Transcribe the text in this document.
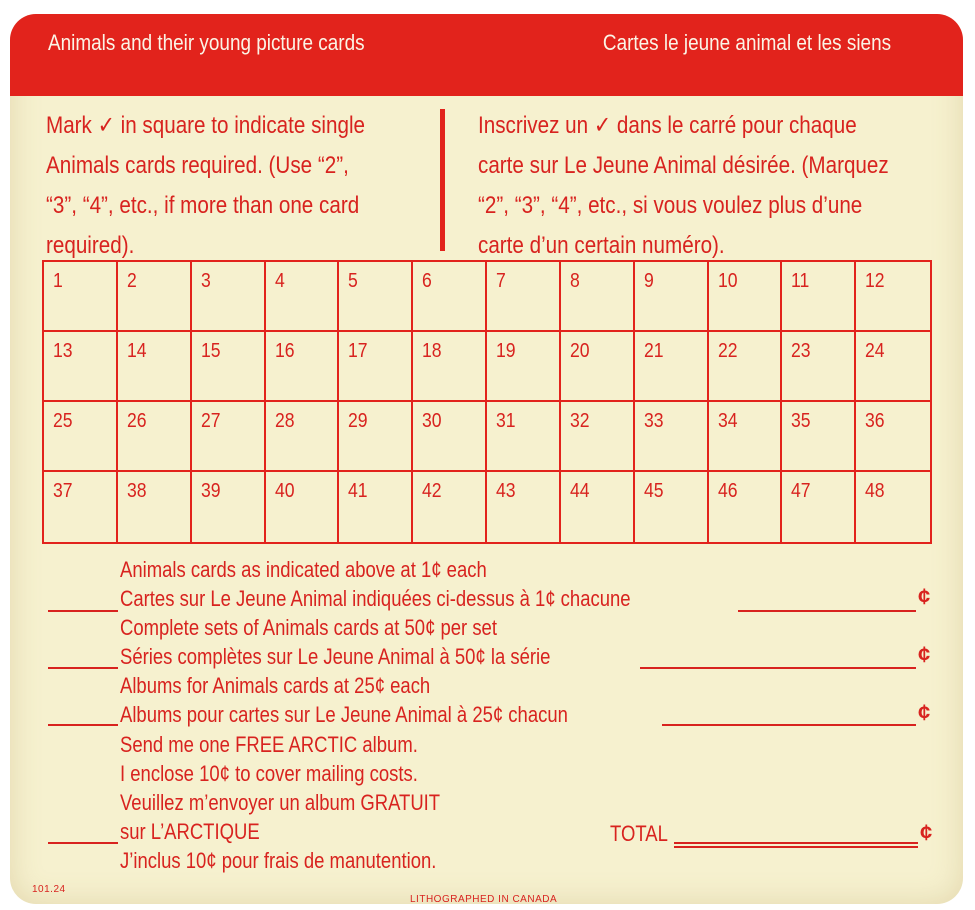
Animals and their young picture cards	Cartes le jeune animal et les siens
Mark ✓ in square to indicate single
Animals cards required. (Use “2”,
“3”, “4”, etc., if more than one card
required).
Inscrivez un ✓ dans le carré pour chaque
carte sur Le Jeune Animal désirée. (Marquez
“2”, “3”, “4”, etc., si vous voulez plus d’une
carte d’un certain numéro).
1	2	3	4	5	6	7	8	9	10	11	12
13	14	15	16	17	18	19	20	21	22	23	24
25	26	27	28	29	30	31	32	33	34	35	36
37	38	39	40	41	42	43	44	45	46	47	48
Animals cards as indicated above at 1¢ each
Cartes sur Le Jeune Animal indiquées ci-dessus à 1¢ chacune	¢
Complete sets of Animals cards at 50¢ per set
Séries complètes sur Le Jeune Animal à 50¢ la série	¢
Albums for Animals cards at 25¢ each
Albums pour cartes sur Le Jeune Animal à 25¢ chacun	¢
Send me one FREE ARCTIC album.
I enclose 10¢ to cover mailing costs.
Veuillez m’envoyer un album GRATUIT
sur L’ARCTIQUE
J’inclus 10¢ pour frais de manutention.
TOTAL	¢
101.24
LITHOGRAPHED IN CANADA
